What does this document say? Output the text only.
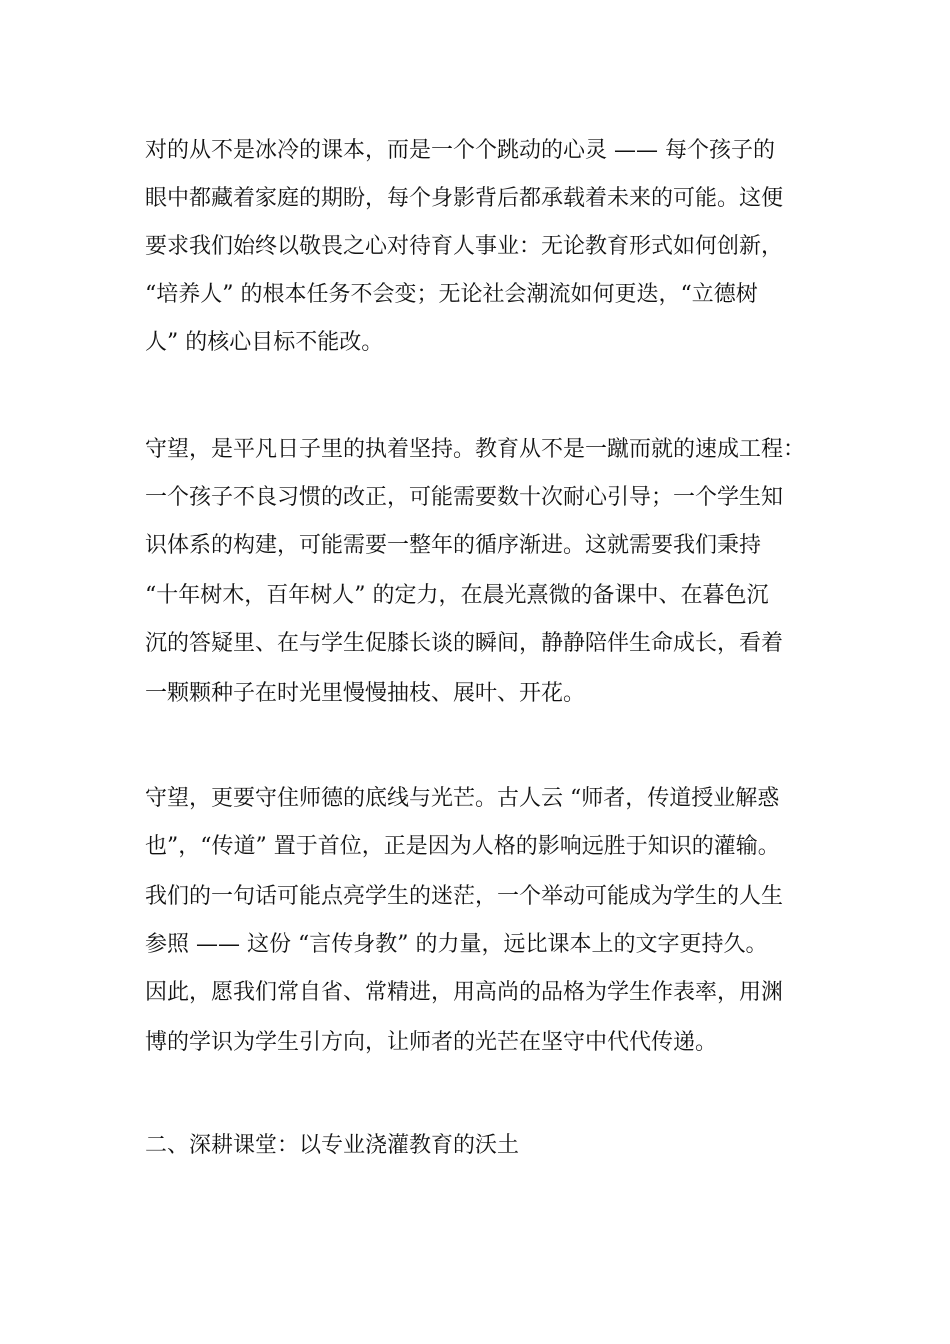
对的从不是冰冷的课本，而是一个个跳动的心灵 —— 每个孩子的
眼中都藏着家庭的期盼，每个身影背后都承载着未来的可能。这便
要求我们始终以敬畏之心对待育人事业：无论教育形式如何创新，
“培养人” 的根本任务不会变；无论社会潮流如何更迭，“立德树
人” 的核心目标不能改。
守望，是平凡日子里的执着坚持。教育从不是一蹴而就的速成工程：
一个孩子不良习惯的改正，可能需要数十次耐心引导；一个学生知
识体系的构建，可能需要一整年的循序渐进。这就需要我们秉持
“十年树木，百年树人” 的定力，在晨光熹微的备课中、在暮色沉
沉的答疑里、在与学生促膝长谈的瞬间，静静陪伴生命成长，看着
一颗颗种子在时光里慢慢抽枝、展叶、开花。
守望，更要守住师德的底线与光芒。古人云 “师者，传道授业解惑
也”，“传道” 置于首位，正是因为人格的影响远胜于知识的灌输。
我们的一句话可能点亮学生的迷茫，一个举动可能成为学生的人生
参照 —— 这份 “言传身教” 的力量，远比课本上的文字更持久。
因此，愿我们常自省、常精进，用高尚的品格为学生作表率，用渊
博的学识为学生引方向，让师者的光芒在坚守中代代传递。
二、深耕课堂：以专业浇灌教育的沃土
